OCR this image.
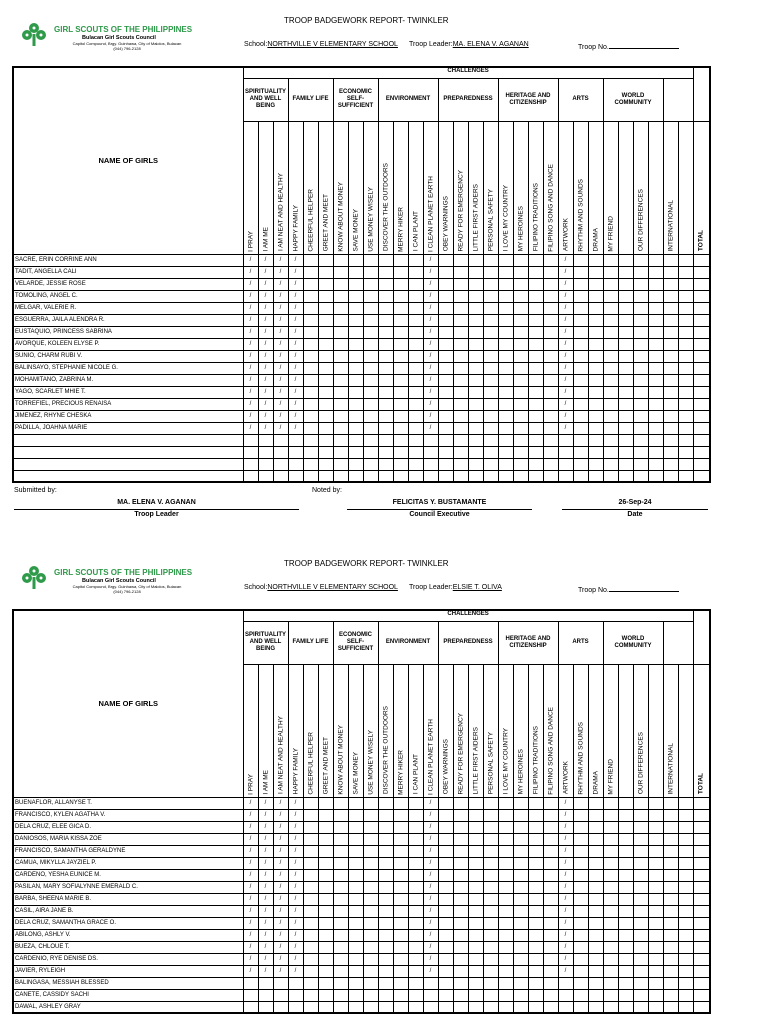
GIRL SCOUTS OF THE PHILIPPINES
Bulacan Girl Scouts Council
Capitol Compound, Brgy. Guinhawa, City of Malolos, Bulacan
(044) 796-2128
TROOP BADGEWORK REPORT- TWINKLER
School:NORTHVILLE V ELEMENTARY SCHOOL Troop Leader:MA. ELENA V. AGANAN	Troop No.
NAME OF GIRLS	CHALLENGES																														
	SPIRITUALITY AND WELL BEING			FAMILY LIFE			ECONOMIC SELF-SUFFICIENT			ENVIRONMENT				PREPAREDNESS				HERITAGE AND CITIZENSHIP				ARTS			WORLD COMMUNITY						

	I PRAY	I AM ME	I AM NEAT AND HEALTHY	HAPPY FAMILY	CHEERFUL HELPER	GREET AND MEET	KNOW ABOUT MONEY	SAVE MONEY	USE MONEY WISELY	DISCOVER THE OUTDOORS	MERRY HIKER	I CAN PLANT	I CLEAN PLANET EARTH	OBEY WARNINGS	READY FOR EMERGENCY	LITTLE FIRST AIDERS	PERSONAL SAFETY	I LOVE MY COUNTRY	MY HEROINES	FILIPINO TRADITIONS	FILIPINO SONG AND DANCE	ARTWORK	RHYTHM AND SOUNDS	DRAMA	MY FRIEND		OUR DIFFERENCES		INTERNATIONAL		TOTAL

SACRE, ERIN CORRINE ANN	/	/	/	/									/									/									
TADIT, ANGELLA CALI	/	/	/	/									/									/									
VELARDE, JESSIE ROSE	/	/	/	/									/									/									
TOMOLING, ANGEL C.	/	/	/	/									/									/									
MELGAR, VALERIE R.	/	/	/	/									/									/									
ESGUERRA, JAILA ALENDRA R.	/	/	/	/									/									/									
EUSTAQUIO, PRINCESS SABRINA	/	/	/	/									/									/									
AVORQUE, KOLEEN ELYSE P.	/	/	/	/									/									/									
SUNIO, CHARM RUBI V.	/	/	/	/									/									/									
BALINSAYO, STEPHANIE NICOLE G.	/	/	/	/									/									/									
MOHAMITANO, ZABRINA M.	/	/	/	/									/									/									
YAGO, SCARLET MHIE T.	/	/	/	/									/									/									
TORREFIEL, PRECIOUS RENAISA	/	/	/	/									/									/									
JIMENEZ, RHYNE CHESKA	/	/	/	/									/									/									
PADILLA, JOAHNA MARIE	/	/	/	/									/									/									

Submitted by:	Noted by:
MA. ELENA V. AGANAN
Troop Leader
FELICITAS Y. BUSTAMANTE
Council Executive
26-Sep-24
Date
GIRL SCOUTS OF THE PHILIPPINES
Bulacan Girl Scouts Council
Capitol Compound, Brgy. Guinhawa, City of Malolos, Bulacan
(044) 796-2128
TROOP BADGEWORK REPORT- TWINKLER
School:NORTHVILLE V ELEMENTARY SCHOOL Troop Leader:ELSIE T. OLIVA	Troop No.
NAME OF GIRLS	CHALLENGES																														
	SPIRITUALITY AND WELL BEING			FAMILY LIFE			ECONOMIC SELF-SUFFICIENT			ENVIRONMENT				PREPAREDNESS				HERITAGE AND CITIZENSHIP				ARTS			WORLD COMMUNITY						

	I PRAY	I AM ME	I AM NEAT AND HEALTHY	HAPPY FAMILY	CHEERFUL HELPER	GREET AND MEET	KNOW ABOUT MONEY	SAVE MONEY	USE MONEY WISELY	DISCOVER THE OUTDOORS	MERRY HIKER	I CAN PLANT	I CLEAN PLANET EARTH	OBEY WARNINGS	READY FOR EMERGENCY	LITTLE FIRST AIDERS	PERSONAL SAFETY	I LOVE MY COUNTRY	MY HEROINES	FILIPINO TRADITIONS	FILIPINO SONG AND DANCE	ARTWORK	RHYTHM AND SOUNDS	DRAMA	MY FRIEND		OUR DIFFERENCES		INTERNATIONAL		TOTAL

BUENAFLOR, ALLANYSE T.	/	/	/	/									/									/									
FRANCISCO, KYLEN AGATHA V.	/	/	/	/									/									/									
DELA CRUZ, ELEE GICA D.	/	/	/	/									/									/									
DANIOSOS, MARIA KISSA ZOE	/	/	/	/									/									/									
FRANCISCO, SAMANTHA GERALDYNE	/	/	/	/									/									/									
CAMUA, MIKYLLA JAYZIEL P.	/	/	/	/									/									/									
CARDENO, YESHA EUNICE M.	/	/	/	/									/									/									
PASILAN, MARY SOFIALYNNE EMERALD C.	/	/	/	/									/									/									
BARBA, SHEENA MARIE B.	/	/	/	/									/									/									
CASIL, AIRA JANE B.	/	/	/	/									/									/									
DELA CRUZ, SAMANTHA GRACE O.	/	/	/	/									/									/									
ABILONG, ASHLY V.	/	/	/	/									/									/									
BUEZA, CHLOUE T.	/	/	/	/									/									/									
CARDENIO, RYE DENISE DS.	/	/	/	/									/									/									
JAVIER, RYLEIGH	/	/	/	/									/									/									
BALINGASA, MESSIAH BLESSED																															
CANETE, CASSIDY SACHI																															
DAWAL, ASHLEY GRAY																															
